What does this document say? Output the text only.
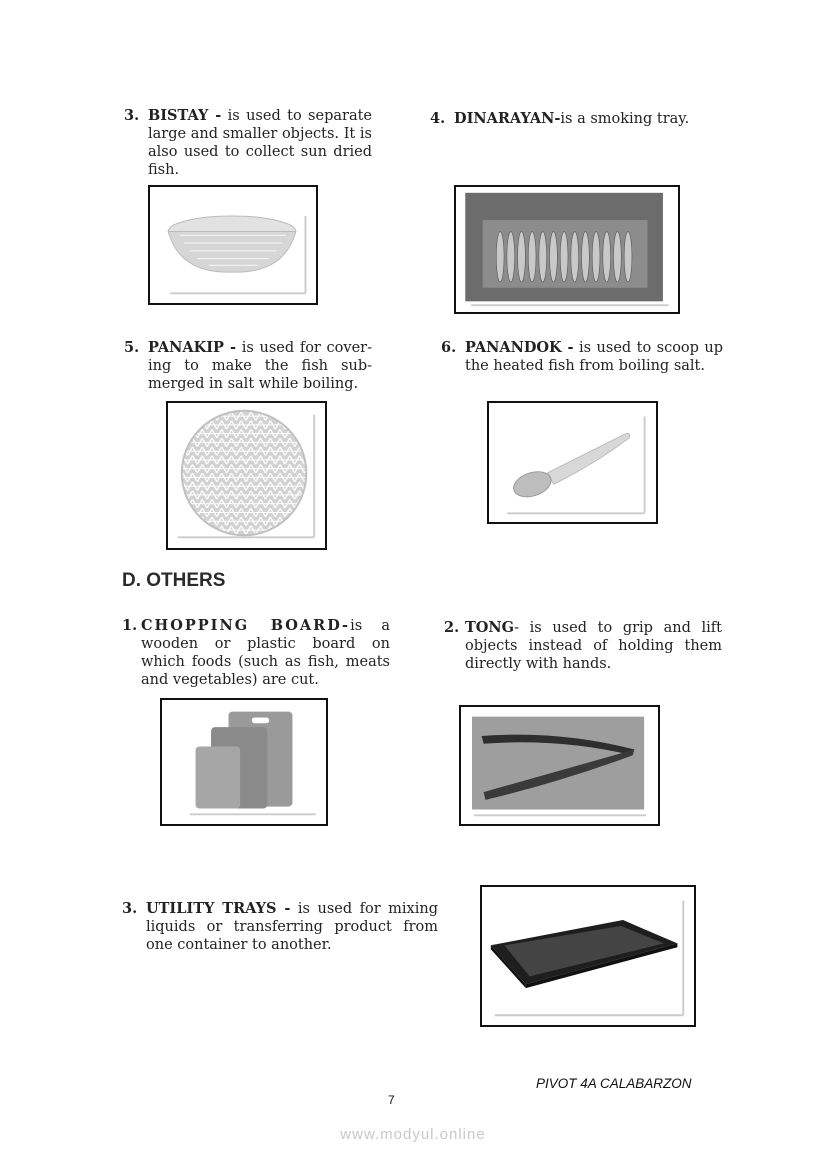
3. BISTAY - is used to separate large and smaller objects. It is also used to collect sun dried fish.
4. DINARAYAN-is a smoking tray.
5. PANAKIP - is used for cover-ing to make the fish sub-merged in salt while boiling.
6. PANANDOK - is used to scoop up the heated fish from boiling salt.
D. OTHERS
1. CHOPPING BOARD-is a wooden or plastic board on which foods (such as fish, meats and vegetables) are cut.
2. TONG- is used to grip and lift objects instead of holding them directly with hands.
3. UTILITY TRAYS - is used for mixing liquids or transferring product from one container to another.
PIVOT 4A CALABARZON
7
www.modyul.online
